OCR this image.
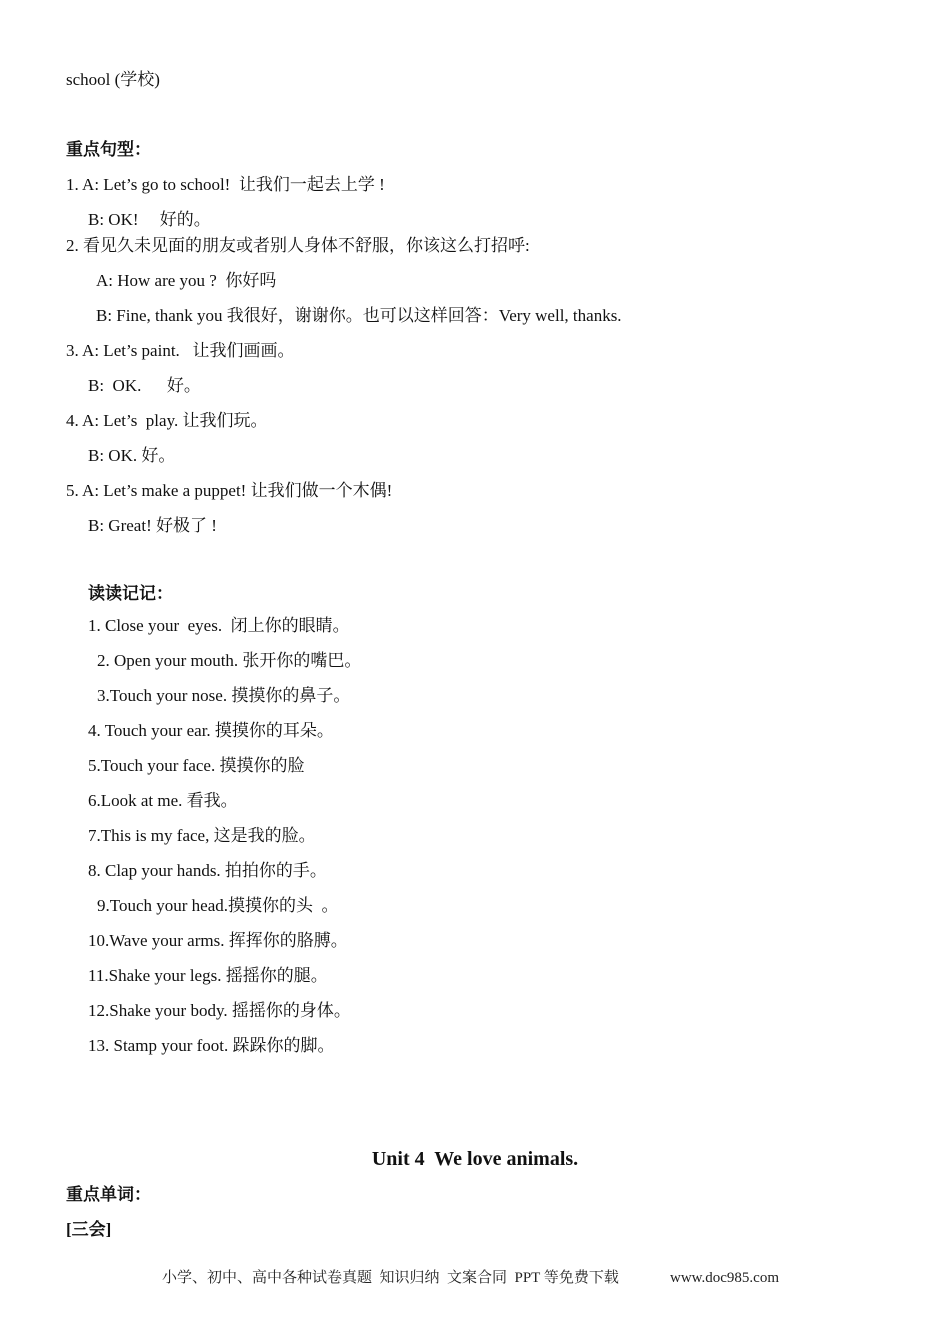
school (学校)
重点句型：
1. A: Let’s go to school!  让我们一起去上学 !
B: OK!     好的。
2. 看见久未见面的朋友或者别人身体不舒服，你该这么打招呼:
A: How are you ?  你好吗
B: Fine, thank you 我很好，谢谢你。也可以这样回答：Very well, thanks.
3. A: Let’s paint.   让我们画画。
B:  OK.      好。
4. A: Let’s  play. 让我们玩。
B: OK. 好。
5. A: Let’s make a puppet! 让我们做一个木偶!
B: Great! 好极了 !
读读记记：
1. Close your  eyes.  闭上你的眼睛。
2. Open your mouth. 张开你的嘴巴。
3.Touch your nose. 摸摸你的鼻子。
4. Touch your ear. 摸摸你的耳朵。
5.Touch your face. 摸摸你的脸
6.Look at me. 看我。
7.This is my face, 这是我的脸。
8. Clap your hands. 拍拍你的手。
9.Touch your head.摸摸你的头  。
10.Wave your arms. 挥挥你的胳膊。
11.Shake your legs. 摇摇你的腿。
12.Shake your body. 摇摇你的身体。
13. Stamp your foot. 跺跺你的脚。
Unit 4  We love animals.
重点单词：
[三会]
小学、初中、高中各种试卷真题  知识归纳  文案合同  PPT 等免费下载	www.doc985.com
